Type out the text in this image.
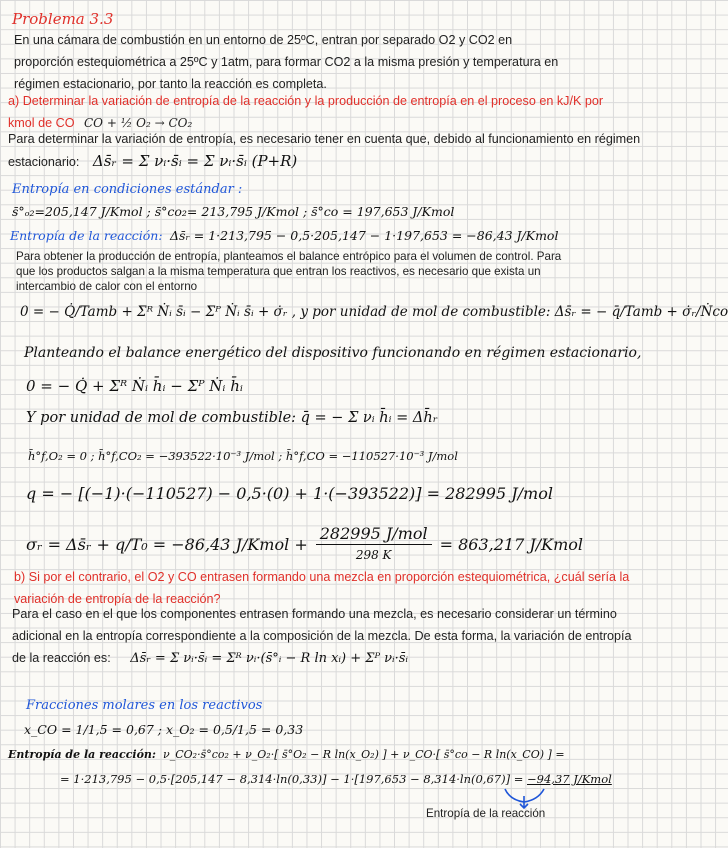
Problema 3.3
En una cámara de combustión en un entorno de 25ºC, entran por separado O2 y CO2 en
proporción estequiométrica a 25ºC y 1atm, para formar CO2 a la misma presión y temperatura en
régimen estacionario, por tanto la reacción es completa.
a) Determinar la variación de entropía de la reacción y la producción de entropía en el proceso en kJ/K por
kmol de CO CO + ½ O₂ → CO₂
Para determinar la variación de entropía, es necesario tener en cuenta que, debido al funcionamiento en régimen
estacionario: Δs̄ᵣ = Σ νᵢ·s̄ᵢ = Σ νᵢ·s̄ᵢ (P+R)
Entropía en condiciones estándar :
s̄°ₒ₂=205,147 J/Kmol ; s̄°co₂= 213,795 J/Kmol ; s̄°co = 197,653 J/Kmol
Entropía de la reacción: Δs̄ᵣ = 1·213,795 − 0,5·205,147 − 1·197,653 = −86,43 J/Kmol
Para obtener la producción de entropía, planteamos el balance entrópico para el volumen de control. Para
que los productos salgan a la misma temperatura que entran los reactivos, es necesario que exista un
intercambio de calor con el entorno
0 = − Q̇/Tamb + Σᴿ Ṅᵢ s̄ᵢ − Σᴾ Ṅᵢ s̄ᵢ + σ̇ᵣ , y por unidad de mol de combustible: Δs̄ᵣ = − q̄/Tamb + σ̇ᵣ/Ṅco
Planteando el balance energético del dispositivo funcionando en régimen estacionario,
0 = − Q̇ + Σᴿ Ṅᵢ h̄ᵢ − Σᴾ Ṅᵢ h̄ᵢ
Y por unidad de mol de combustible: q̄ = − Σ νᵢ h̄ᵢ = Δh̄ᵣ
h̄°f,O₂ = 0 ; h̄°f,CO₂ = −393522·10⁻³ J/mol ; h̄°f,CO = −110527·10⁻³ J/mol
q = − [(−1)·(−110527) − 0,5·(0) + 1·(−393522)] = 282995 J/mol
σᵣ = Δs̄ᵣ + q/T₀ = −86,43 J/Kmol +
282995 J/mol
298 K
= 863,217 J/Kmol
b) Si por el contrario, el O2 y CO entrasen formando una mezcla en proporción estequiométrica, ¿cuál sería la
variación de entropía de la reacción?
Para el caso en el que los componentes entrasen formando una mezcla, es necesario considerar un término
adicional en la entropía correspondiente a la composición de la mezcla. De esta forma, la variación de entropía
de la reacción es: Δs̄ᵣ = Σ νᵢ·s̄ᵢ = Σᴿ νᵢ·(s̄°ᵢ − R ln xᵢ) + Σᴾ νᵢ·s̄ᵢ
Fracciones molares en los reactivos
x_CO = 1/1,5 = 0,67 ; x_O₂ = 0,5/1,5 = 0,33
Entropía de la reacción: ν_CO₂·s̄°co₂ + ν_O₂·[ s̄°O₂ − R ln(x_O₂) ] + ν_CO·[ s̄°co − R ln(x_CO) ] =
= 1·213,795 − 0,5·[205,147 − 8,314·ln(0,33)] − 1·[197,653 − 8,314·ln(0,67)] = −94,37 J/Kmol
Entropía de la reacción
